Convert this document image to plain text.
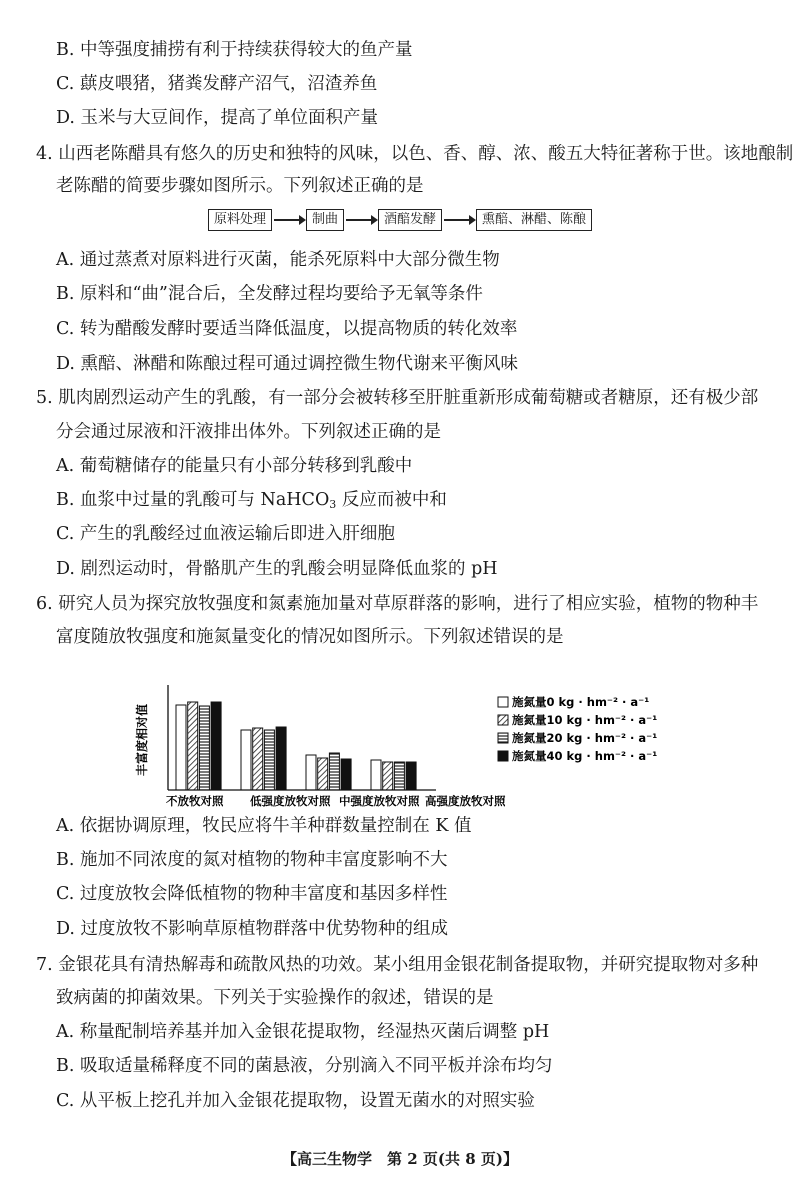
B. 中等强度捕捞有利于持续获得较大的鱼产量
C. 蕻皮喂猪，猪粪发酵产沼气，沼渣养鱼
D. 玉米与大豆间作，提高了单位面积产量
4. 山西老陈醋具有悠久的历史和独特的风味，以色、香、醇、浓、酸五大特征著称于世。该地酿制
老陈醋的简要步骤如图所示。下列叙述正确的是
原料处理	制曲	酒醅发酵	熏醅、淋醋、陈酿
A. 通过蒸煮对原料进行灭菌，能杀死原料中大部分微生物
B. 原料和“曲”混合后，全发酵过程均要给予无氧等条件
C. 转为醋酸发酵时要适当降低温度，以提高物质的转化效率
D. 熏醅、淋醋和陈酿过程可通过调控微生物代谢来平衡风味
5. 肌肉剧烈运动产生的乳酸，有一部分会被转移至肝脏重新形成葡萄糖或者糖原，还有极少部
分会通过尿液和汗液排出体外。下列叙述正确的是
A. 葡萄糖储存的能量只有小部分转移到乳酸中
B. 血浆中过量的乳酸可与 NaHCO$_3$ 反应而被中和
C. 产生的乳酸经过血液运输后即进入肝细胞
D. 剧烈运动时，骨骼肌产生的乳酸会明显降低血浆的 pH
6. 研究人员为探究放牧强度和氮素施加量对草原群落的影响，进行了相应实验，植物的物种丰
富度随放牧强度和施氮量变化的情况如图所示。下列叙述错误的是
丰富度相对值
不放牧对照 低强度放牧对照 中强度放牧对照 高强度放牧对照
施氮量0 kg · hm⁻² · a⁻¹
施氮量10 kg · hm⁻² · a⁻¹
施氮量20 kg · hm⁻² · a⁻¹
施氮量40 kg · hm⁻² · a⁻¹
A. 依据协调原理，牧民应将牛羊种群数量控制在 K 值
B. 施加不同浓度的氮对植物的物种丰富度影响不大
C. 过度放牧会降低植物的物种丰富度和基因多样性
D. 过度放牧不影响草原植物群落中优势物种的组成
7. 金银花具有清热解毒和疏散风热的功效。某小组用金银花制备提取物，并研究提取物对多种
致病菌的抑菌效果。下列关于实验操作的叙述，错误的是
A. 称量配制培养基并加入金银花提取物，经湿热灭菌后调整 pH
B. 吸取适量稀释度不同的菌悬液，分别滴入不同平板并涂布均匀
C. 从平板上挖孔并加入金银花提取物，设置无菌水的对照实验
【高三生物学　第 2 页(共 8 页)】
